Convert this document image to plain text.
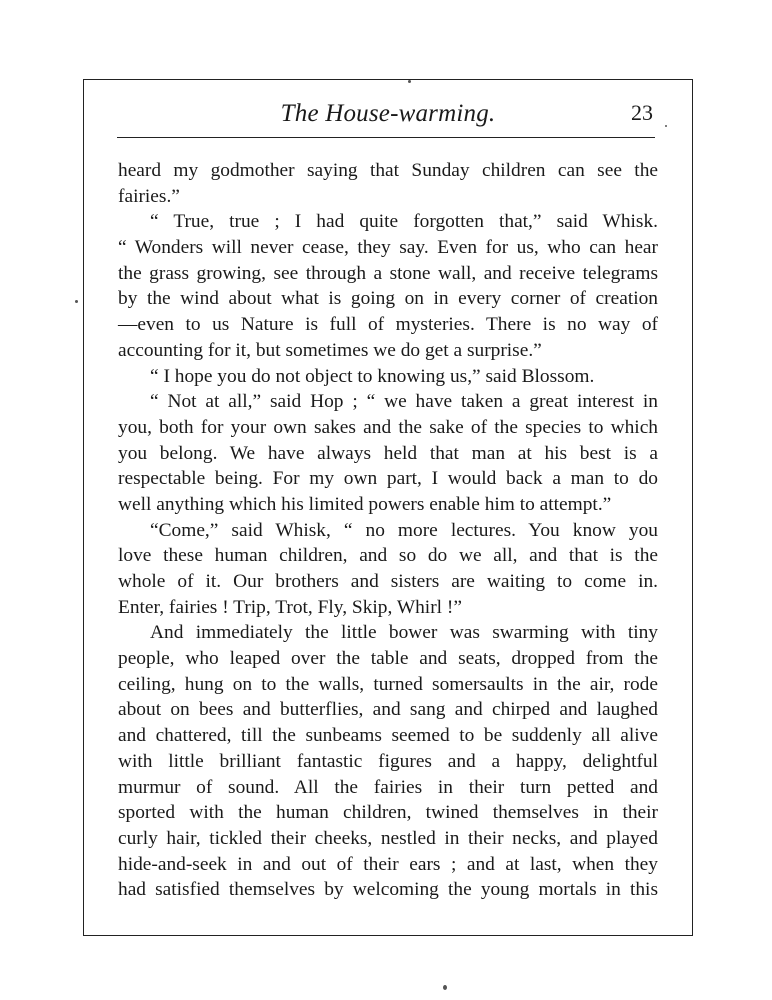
The House-warming.	23
heard my godmother saying that Sunday children can see the
fairies.”
“ True, true ; I had quite forgotten that,” said Whisk.
“ Wonders will never cease, they say. Even for us, who can hear
the grass growing, see through a stone wall, and receive telegrams
by the wind about what is going on in every corner of creation
—even to us Nature is full of mysteries. There is no way of
accounting for it, but sometimes we do get a surprise.”
“ I hope you do not object to knowing us,” said Blossom.
“ Not at all,” said Hop ; “ we have taken a great interest in
you, both for your own sakes and the sake of the species to which
you belong. We have always held that man at his best is a
respectable being. For my own part, I would back a man to do
well anything which his limited powers enable him to attempt.”
“Come,” said Whisk, “ no more lectures. You know you
love these human children, and so do we all, and that is the
whole of it. Our brothers and sisters are waiting to come in.
Enter, fairies ! Trip, Trot, Fly, Skip, Whirl !”
And immediately the little bower was swarming with tiny
people, who leaped over the table and seats, dropped from the
ceiling, hung on to the walls, turned somersaults in the air, rode
about on bees and butterflies, and sang and chirped and laughed
and chattered, till the sunbeams seemed to be suddenly all alive
with little brilliant fantastic figures and a happy, delightful
murmur of sound. All the fairies in their turn petted and
sported with the human children, twined themselves in their
curly hair, tickled their cheeks, nestled in their necks, and played
hide-and-seek in and out of their ears ; and at last, when they
had satisfied themselves by welcoming the young mortals in this
